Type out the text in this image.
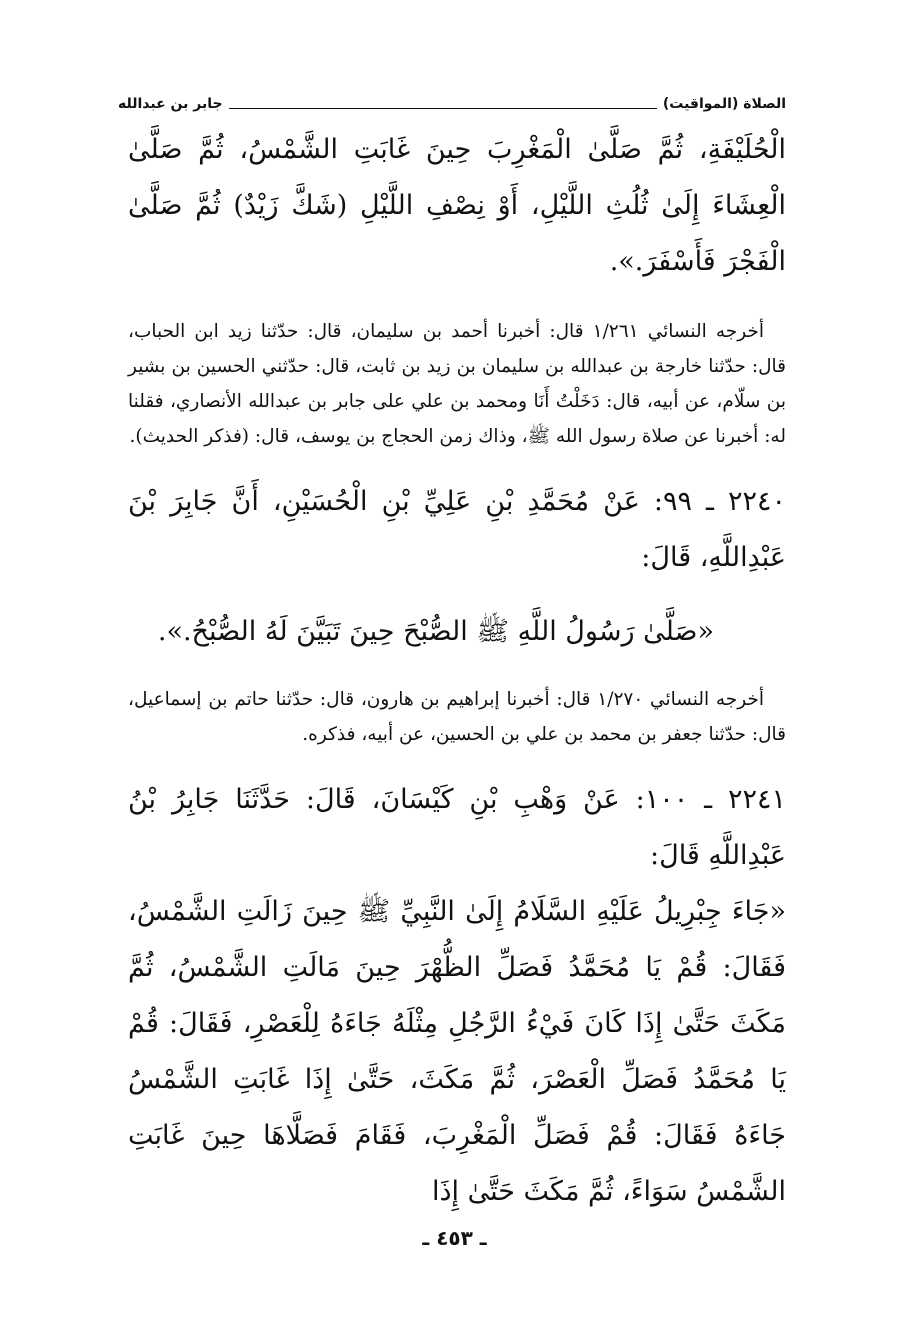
الصلاة (المواقيت)
جابر بن عبدالله

الْحُلَيْفَةِ، ثُمَّ صَلَّىٰ الْمَغْرِبَ حِينَ غَابَتِ الشَّمْسُ، ثُمَّ صَلَّىٰ الْعِشَاءَ إِلَىٰ ثُلُثِ اللَّيْلِ، أَوْ نِصْفِ اللَّيْلِ (شَكَّ زَيْدٌ) ثُمَّ صَلَّىٰ الْفَجْرَ فَأَسْفَرَ.».

أخرجه النسائي ١/٢٦١ قال: أخبرنا أحمد بن سليمان، قال: حدّثنا زيد ابن الحباب، قال: حدّثنا خارجة بن عبدالله بن سليمان بن زيد بن ثابت، قال: حدّثني الحسين بن بشير بن سلّام، عن أبيه، قال: دَخَلْتُ أَنَا ومحمد بن علي على جابر بن عبدالله الأنصاري، فقلنا له: أخبرنا عن صلاة رسول الله ﷺ، وذاك زمن الحجاج بن يوسف، قال: (فذكر الحديث).

٢٢٤٠ ـ ٩٩: عَنْ مُحَمَّدِ بْنِ عَلِيِّ بْنِ الْحُسَيْنِ، أَنَّ جَابِرَ بْنَ عَبْدِاللَّهِ، قَالَ:

«صَلَّىٰ رَسُولُ اللَّهِ ﷺ الصُّبْحَ حِينَ تَبَيَّنَ لَهُ الصُّبْحُ.».

أخرجه النسائي ١/٢٧٠ قال: أخبرنا إبراهيم بن هارون، قال: حدّثنا حاتم بن إسماعيل، قال: حدّثنا جعفر بن محمد بن علي بن الحسين، عن أبيه، فذكره.

٢٢٤١ ـ ١٠٠: عَنْ وَهْبِ بْنِ كَيْسَانَ، قَالَ: حَدَّثَنَا جَابِرُ بْنُ عَبْدِاللَّهِ قَالَ:

«جَاءَ جِبْرِيلُ عَلَيْهِ السَّلَامُ إِلَىٰ النَّبِيِّ ﷺ حِينَ زَالَتِ الشَّمْسُ، فَقَالَ: قُمْ يَا مُحَمَّدُ فَصَلِّ الظُّهْرَ حِينَ مَالَتِ الشَّمْسُ، ثُمَّ مَكَثَ حَتَّىٰ إِذَا كَانَ فَيْءُ الرَّجُلِ مِثْلَهُ جَاءَهُ لِلْعَصْرِ، فَقَالَ: قُمْ يَا مُحَمَّدُ فَصَلِّ الْعَصْرَ، ثُمَّ مَكَثَ، حَتَّىٰ إِذَا غَابَتِ الشَّمْسُ جَاءَهُ فَقَالَ: قُمْ فَصَلِّ الْمَغْرِبَ، فَقَامَ فَصَلَّاهَا حِينَ غَابَتِ الشَّمْسُ سَوَاءً، ثُمَّ مَكَثَ حَتَّىٰ إِذَا

ـ ٤٥٣ ـ
